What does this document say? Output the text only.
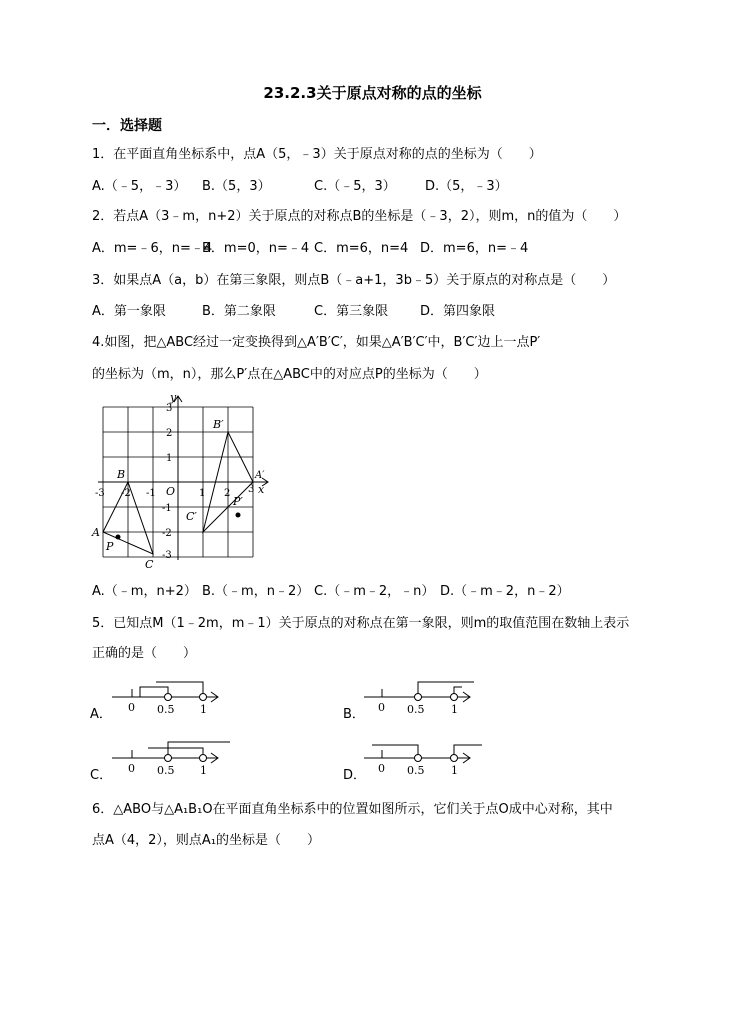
23.2.3关于原点对称的点的坐标
一．选择题
1．在平面直角坐标系中，点A（5，﹣3）关于原点对称的点的坐标为（　　）
A.（﹣5，﹣3） B.（5，3）	C.（﹣5，3） D.（5，﹣3）
2．若点A（3﹣m，n+2）关于原点的对称点B的坐标是（﹣3，2），则m，n的值为（　　）
A．m=﹣6，n=﹣4
B．m=0，n=﹣4 C．m=6，n=4 D．m=6，n=﹣4
3．如果点A（a，b）在第三象限，则点B（﹣a+1，3b﹣5）关于原点的对称点是（　　）
A．第一象限	B．第二象限	C．第三象限 D．第四象限
4.如图，把△ABC经过一定变换得到△A′B′C′，如果△A′B′C′中，B′C′边上一点P′
的坐标为（m，n），那么P′点在△ABC中的对应点P的坐标为（　　）
x
y
O
-3 -2 -1	1 2 3
3
2
1
-1
-2
-3
A
B
C
P
A′
B′
C′
P′
A.（﹣m，n+2） B.（﹣m，n﹣2） C.（﹣m﹣2，﹣n） D.（﹣m﹣2，n﹣2）
5．已知点M（1﹣2m，m﹣1）关于原点的对称点在第一象限，则m的取值范围在数轴上表示
正确的是（　　）
A． 0 0.5 1	B． 0 0.5 1
C． 0 0.5 1	D． 0 0.5 1
6．△ABO与△A₁B₁O在平面直角坐标系中的位置如图所示，它们关于点O成中心对称，其中
点A（4，2），则点A₁的坐标是（　　）
